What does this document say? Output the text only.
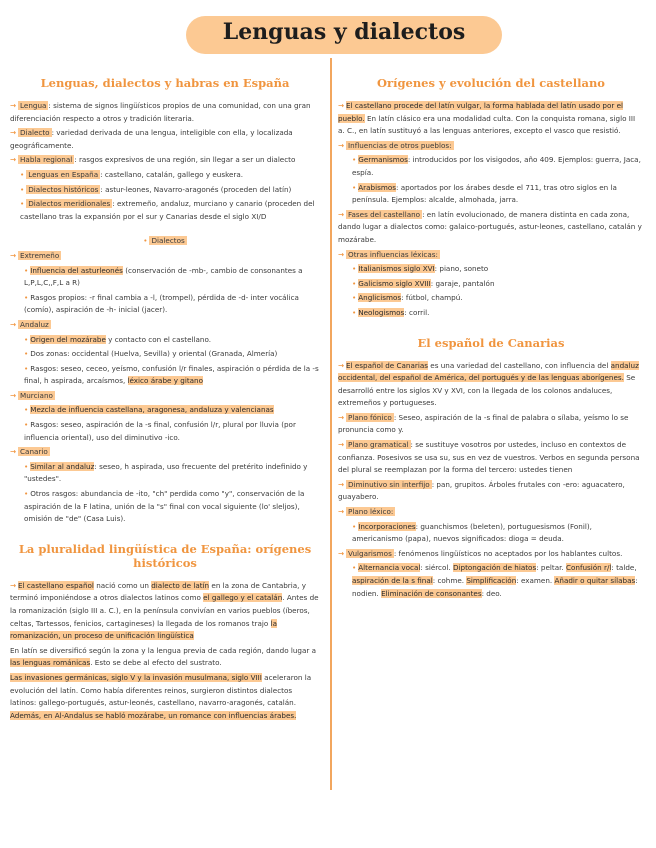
Lenguas y dialectos
Lenguas, dialectos y habras en España

→ Lengua : sistema de signos lingüísticos propios de una comunidad, con una gran diferenciación respecto a otros y tradición literaria.

→ Dialecto : variedad derivada de una lengua, inteligible con ella, y localizada geográficamente.

→ Habla regional : rasgos expresivos de una región, sin llegar a ser un dialecto

• Lenguas en España : castellano, catalán, gallego y euskera.

• Dialectos históricos : astur-leones, Navarro-aragonés (proceden del latín)

• Dialectos meridionales : extremeño, andaluz, murciano y canario (proceden del castellano tras la expansión por el sur y Canarias desde el siglo XI/D

• Dialectos

→ Extremeño

• Influencia del asturleonés (conservación de -mb-, cambio de consonantes a L,P,L,C,,F,L a R)

• Rasgos propios: -r final cambia a -l, (trompel), pérdida de -d- inter vocálica (comío), aspiración de -h- inicial (jacer).

→ Andaluz

• Origen del mozárabe y contacto con el castellano.

• Dos zonas: occidental (Huelva, Sevilla) y oriental (Granada, Almería)

• Rasgos: seseo, ceceo, yeísmo, confusión l/r finales, aspiración o pérdida de la -s final, h aspirada, arcaísmos, léxico árabe y gitano

→ Murciano

• Mezcla de influencia castellana, aragonesa, andaluza y valencianas

• Rasgos: seseo, aspiración de la -s final, confusión l/r, plural por lluvia (por influencia oriental), uso del diminutivo -ico.

→ Canario

• Similar al andaluz: seseo, h aspirada, uso frecuente del pretérito indefinido y "ustedes".

• Otros rasgos: abundancia de -ito, "ch" perdida como "y", conservación de la aspiración de la F latina, unión de la "s" final con vocal siguiente (lo' sleljos), omisión de "de" (Casa Luis).

La pluralidad lingüística de España: orígenes históricos

→ El castellano español nació como un dialecto de latín en la zona de Cantabria, y terminó imponiéndose a otros dialectos latinos como el gallego y el catalán. Antes de la romanización (siglo III a. C.), en la península convivían en varios pueblos (íberos, celtas, Tartessos, fenicios, cartagineses) la llegada de los romanos trajo la romanización, un proceso de unificación lingüística

En latín se diversificó según la zona y la lengua previa de cada región, dando lugar a las lenguas románicas. Esto se debe al efecto del sustrato.

Las invasiones germánicas, siglo V y la invasión musulmana, siglo VIII aceleraron la evolución del latín. Como había diferentes reinos, surgieron distintos dialectos latinos: gallego-portugués, astur-leonés, castellano, navarro-aragonés, catalán. Además, en Al-Andalus se habló mozárabe, un romance con influencias árabes.

Orígenes y evolución del castellano

→ El castellano procede del latín vulgar, la forma hablada del latín usado por el pueblo. En latín clásico era una modalidad culta. Con la conquista romana, siglo III a. C., en latín sustituyó a las lenguas anteriores, excepto el vasco que resistió.

→ Influencias de otros pueblos:

• Germanismos: introducidos por los visigodos, año 409. Ejemplos: guerra, Jaca, espía.

• Arabismos: aportados por los árabes desde el 711, tras otro siglos en la península. Ejemplos: alcalde, almohada, jarra.

→ Fases del castellano : en latín evolucionado, de manera distinta en cada zona, dando lugar a dialectos como: galaico-portugués, astur-leones, castellano, catalán y mozárabe.

→ Otras influencias léxicas:

• Italianismos siglo XVI: piano, soneto

• Galicismo siglo XVIII: garaje, pantalón

• Anglicismos: fútbol, champú.

• Neologismos: corril.

El español de Canarias

→ El español de Canarias es una variedad del castellano, con influencia del andaluz occidental, del español de América, del portugués y de las lenguas aborígenes. Se desarrolló entre los siglos XV y XVI, con la llegada de los colonos andaluces, extremeños y portugueses.

→ Plano fónico : Seseo, aspiración de la -s final de palabra o sílaba, yeísmo lo se pronuncia como y.

→ Plano gramatical : se sustituye vosotros por ustedes, incluso en contextos de confianza. Posesivos se usa su, sus en vez de vuestros. Verbos en segunda persona del plural se reemplazan por la forma del tercero: ustedes tienen

→ Diminutivo sin interfijo : pan, grupitos. Árboles frutales con -ero: aguacatero, guayabero.

→ Plano léxico:

• Incorporaciones: guanchismos (beleten), portuguesismos (Fonil), americanismo (papa), nuevos significados: dioga = deuda.

→ Vulgarismos : fenómenos lingüísticos no aceptados por los hablantes cultos.

• Alternancia vocal: siércol. Diptongación de hiatos: peltar. Confusión r/l: talde, aspiración de la s final: cohme. Simplificación: examen. Añadir o quitar sílabas: nodien. Eliminación de consonantes: deo.
